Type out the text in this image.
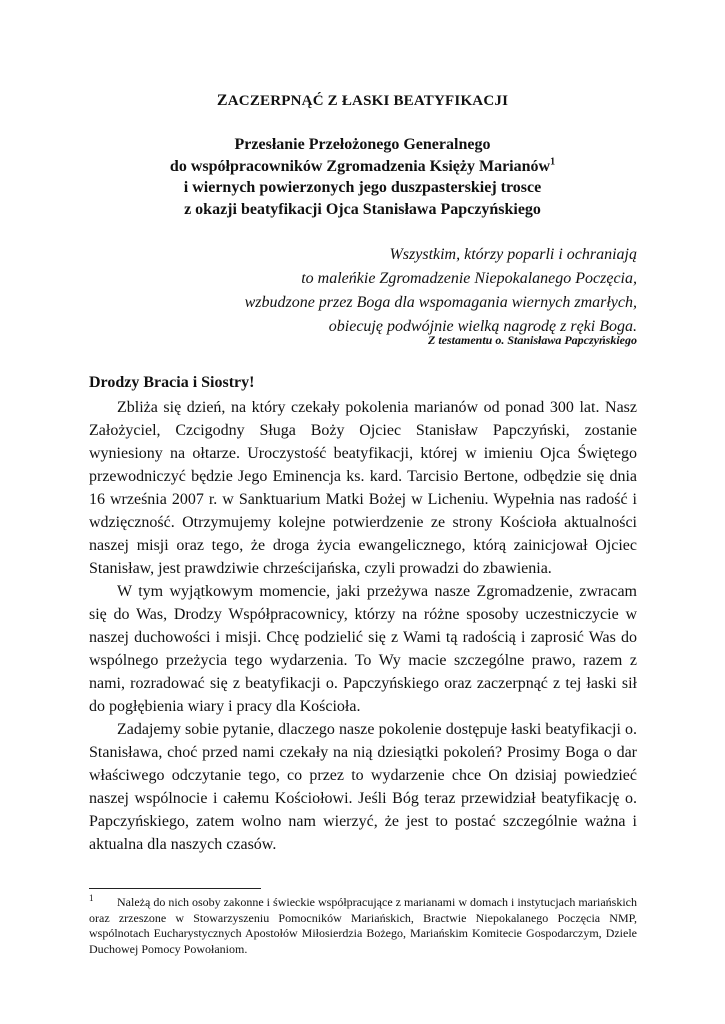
ZACZERPNĄĆ Z ŁASKI BEATYFIKACJI
Przesłanie Przełożonego Generalnego
do współpracowników Zgromadzenia Księży Marianów$^1$
i wiernych powierzonych jego duszpasterskiej trosce
z okazji beatyfikacji Ojca Stanisława Papczyńskiego
Wszystkim, którzy poparli i ochraniają
to maleńkie Zgromadzenie Niepokalanego Poczęcia,
wzbudzone przez Boga dla wspomagania wiernych zmarłych,
obiecuję podwójnie wielką nagrodę z ręki Boga.
Z testamentu o. Stanisława Papczyńskiego
Drodzy Bracia i Siostry!

Zbliża się dzień, na który czekały pokolenia marianów od ponad 300 lat. Nasz Założyciel, Czcigodny Sługa Boży Ojciec Stanisław Papczyński, zostanie wyniesiony na ołtarze. Uroczystość beatyfikacji, której w imieniu Ojca Świętego przewodniczyć będzie Jego Eminencja ks. kard. Tarcisio Bertone, odbędzie się dnia 16 września 2007 r. w Sanktuarium Matki Bożej w Licheniu. Wypełnia nas radość i wdzięczność. Otrzymujemy kolejne potwierdzenie ze strony Kościoła aktualności naszej misji oraz tego, że droga życia ewangelicznego, którą zainicjował Ojciec Stanisław, jest prawdziwie chrześcijańska, czyli prowadzi do zbawienia.

W tym wyjątkowym momencie, jaki przeżywa nasze Zgromadzenie, zwracam się do Was, Drodzy Współpracownicy, którzy na różne sposoby uczestniczycie w naszej duchowości i misji. Chcę podzielić się z Wami tą radością i zaprosić Was do wspólnego przeżycia tego wydarzenia. To Wy macie szczególne prawo, razem z nami, rozradować się z beatyfikacji o. Papczyńskiego oraz zaczerpnąć z tej łaski sił do pogłębienia wiary i pracy dla Kościoła.

Zadajemy sobie pytanie, dlaczego nasze pokolenie dostępuje łaski beatyfikacji o. Stanisława, choć przed nami czekały na nią dziesiątki pokoleń? Prosimy Boga o dar właściwego odczytanie tego, co przez to wydarzenie chce On dzisiaj powiedzieć naszej wspólnocie i całemu Kościołowi. Jeśli Bóg teraz przewidział beatyfikację o. Papczyńskiego, zatem wolno nam wierzyć, że jest to postać szczególnie ważna i aktualna dla naszych czasów.

1 Należą do nich osoby zakonne i świeckie współpracujące z marianami w domach i instytucjach mariańskich oraz zrzeszone w Stowarzyszeniu Pomocników Mariańskich, Bractwie Niepokalanego Poczęcia NMP, wspólnotach Eucharystycznych Apostołów Miłosierdzia Bożego, Mariańskim Komitecie Gospodarczym, Dziele Duchowej Pomocy Powołaniom.
